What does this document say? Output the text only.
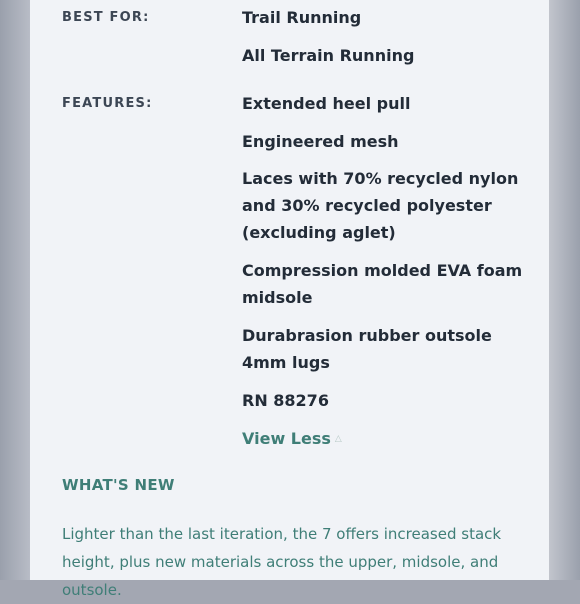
BEST FOR:	Trail Running
All Terrain Running
FEATURES:	Extended heel pull
Engineered mesh
Laces with 70% recycled nylon and 30% recycled polyester (excluding aglet)
Compression molded EVA foam midsole
Durabrasion rubber outsole 4mm lugs
RN 88276
View Less △
WHAT'S NEW
Lighter than the last iteration, the 7 offers increased stack height, plus new materials across the upper, midsole, and outsole.
